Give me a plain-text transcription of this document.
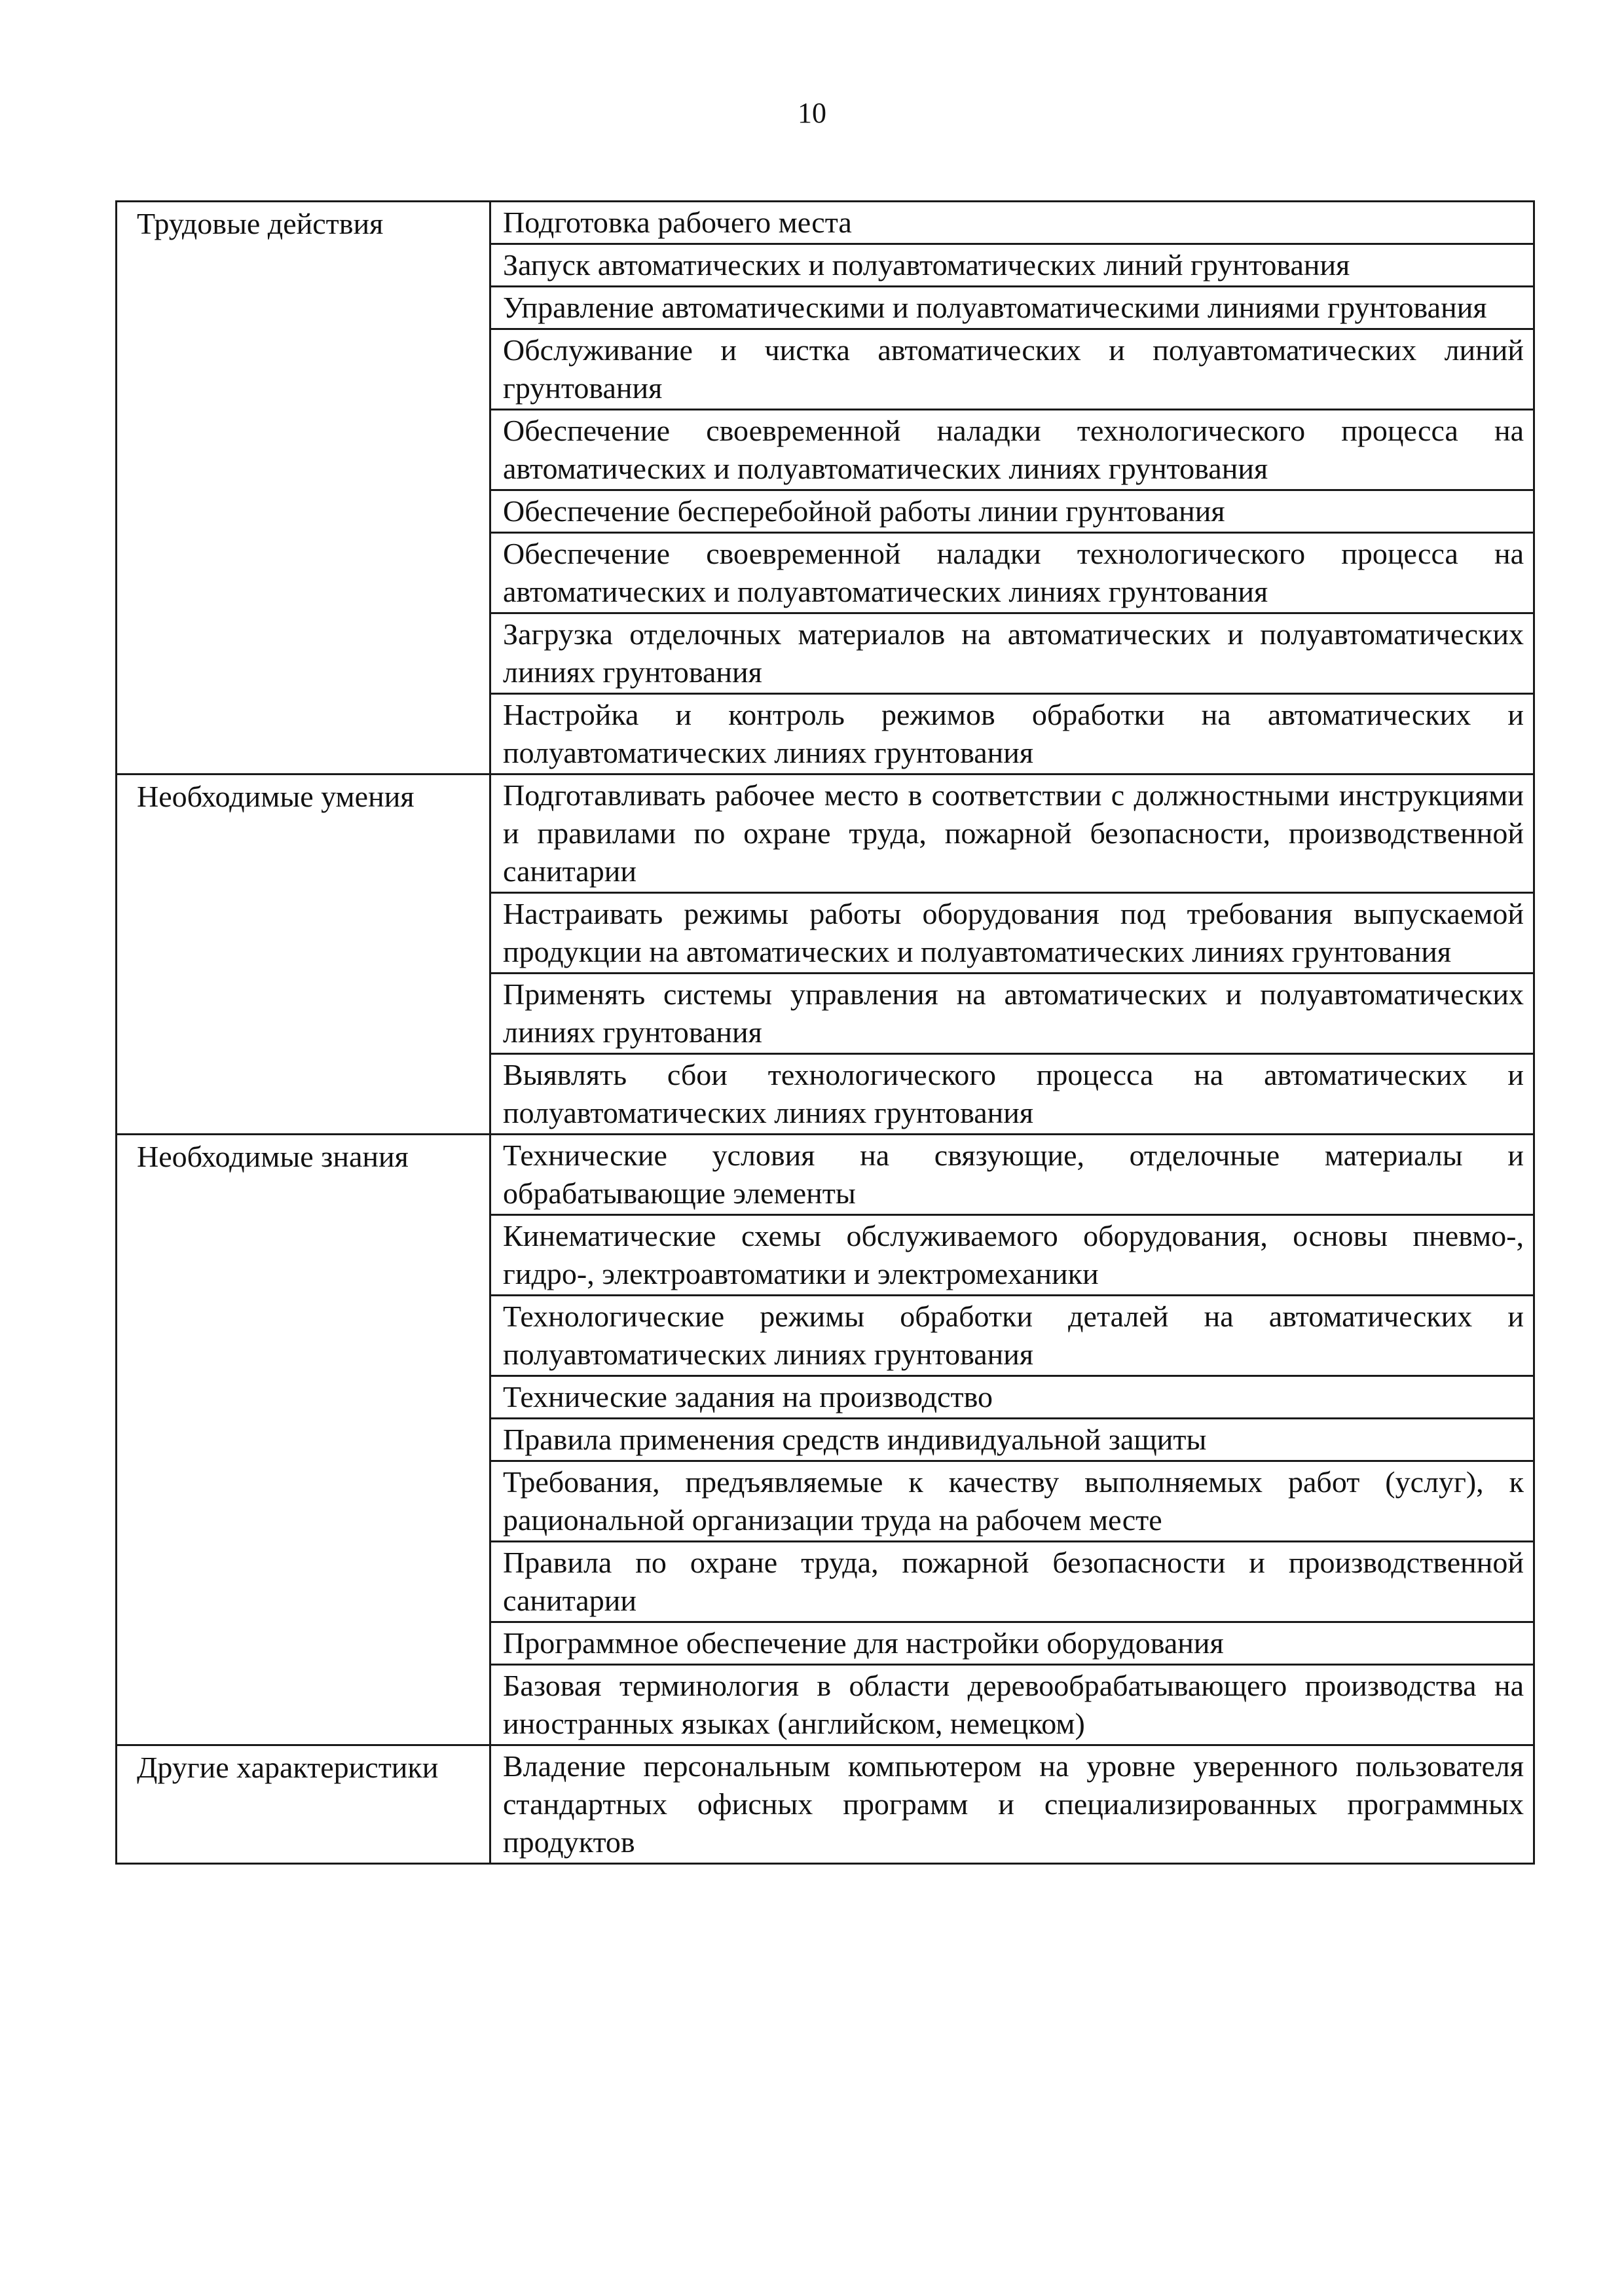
10
Трудовые действия	Подготовка рабочего места
	Запуск автоматических и полуавтоматических линий грунтования
	Управление автоматическими и полуавтоматическими линиями грунтования
	Обслуживание и чистка автоматических и полуавтоматических линий грунтования
	Обеспечение своевременной наладки технологического процесса на автоматических и полуавтоматических линиях грунтования
	Обеспечение бесперебойной работы линии грунтования
	Обеспечение своевременной наладки технологического процесса на автоматических и полуавтоматических линиях грунтования
	Загрузка отделочных материалов на автоматических и полуавтоматических линиях грунтования
	Настройка и контроль режимов обработки на автоматических и полуавтоматических линиях грунтования
Необходимые умения	Подготавливать рабочее место в соответствии с должностными инструкциями и правилами по охране труда, пожарной безопасности, производственной санитарии
	Настраивать режимы работы оборудования под требования выпускаемой продукции на автоматических и полуавтоматических линиях грунтования
	Применять системы управления на автоматических и полуавтоматических линиях грунтования
	Выявлять сбои технологического процесса на автоматических и полуавтоматических линиях грунтования
Необходимые знания	Технические условия на связующие, отделочные материалы и обрабатывающие элементы
	Кинематические схемы обслуживаемого оборудования, основы пневмо-, гидро-, электроавтоматики и электромеханики
	Технологические режимы обработки деталей на автоматических и полуавтоматических линиях грунтования
	Технические задания на производство
	Правила применения средств индивидуальной защиты
	Требования, предъявляемые к качеству выполняемых работ (услуг), к рациональной организации труда на рабочем месте
	Правила по охране труда, пожарной безопасности и производственной санитарии
	Программное обеспечение для настройки оборудования
	Базовая терминология в области деревообрабатывающего производства на иностранных языках (английском, немецком)
Другие характеристики	Владение персональным компьютером на уровне уверенного пользователя стандартных офисных программ и специализированных программных продуктов
